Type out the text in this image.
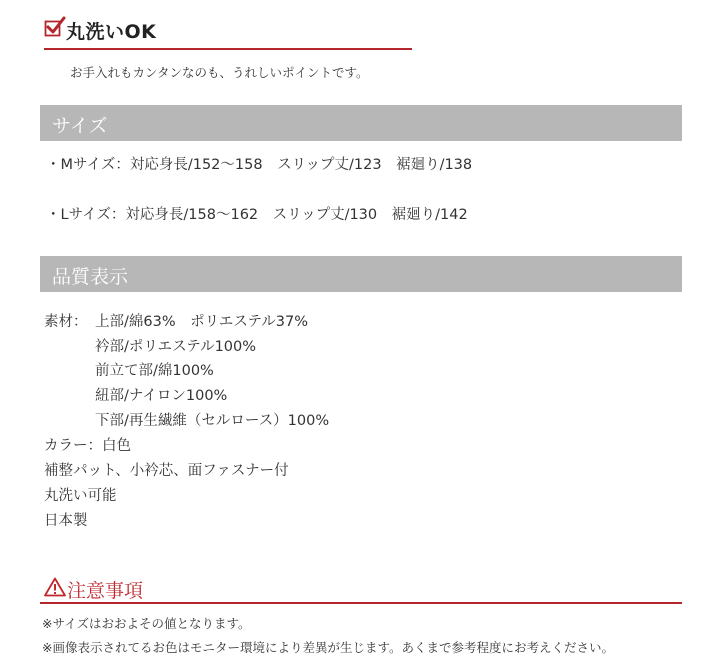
丸洗いOK
お手入れもカンタンなのも、うれしいポイントです。
サイズ
・Mサイズ：対応身長/152〜158　スリップ丈/123　裾廻り/138
・Lサイズ：対応身長/158〜162　スリップ丈/130　裾廻り/142
品質表示
素材： 上部/綿63%　ポリエステル37%
衿部/ポリエステル100%
前立て部/綿100%
紐部/ナイロン100%
下部/再生繊維（セルロース）100%
カラー：白色
補整パット、小衿芯、面ファスナー付
丸洗い可能
日本製
注意事項
※サイズはおおよその値となります。
※画像表示されてるお色はモニター環境により差異が生じます。あくまで参考程度にお考えください。
